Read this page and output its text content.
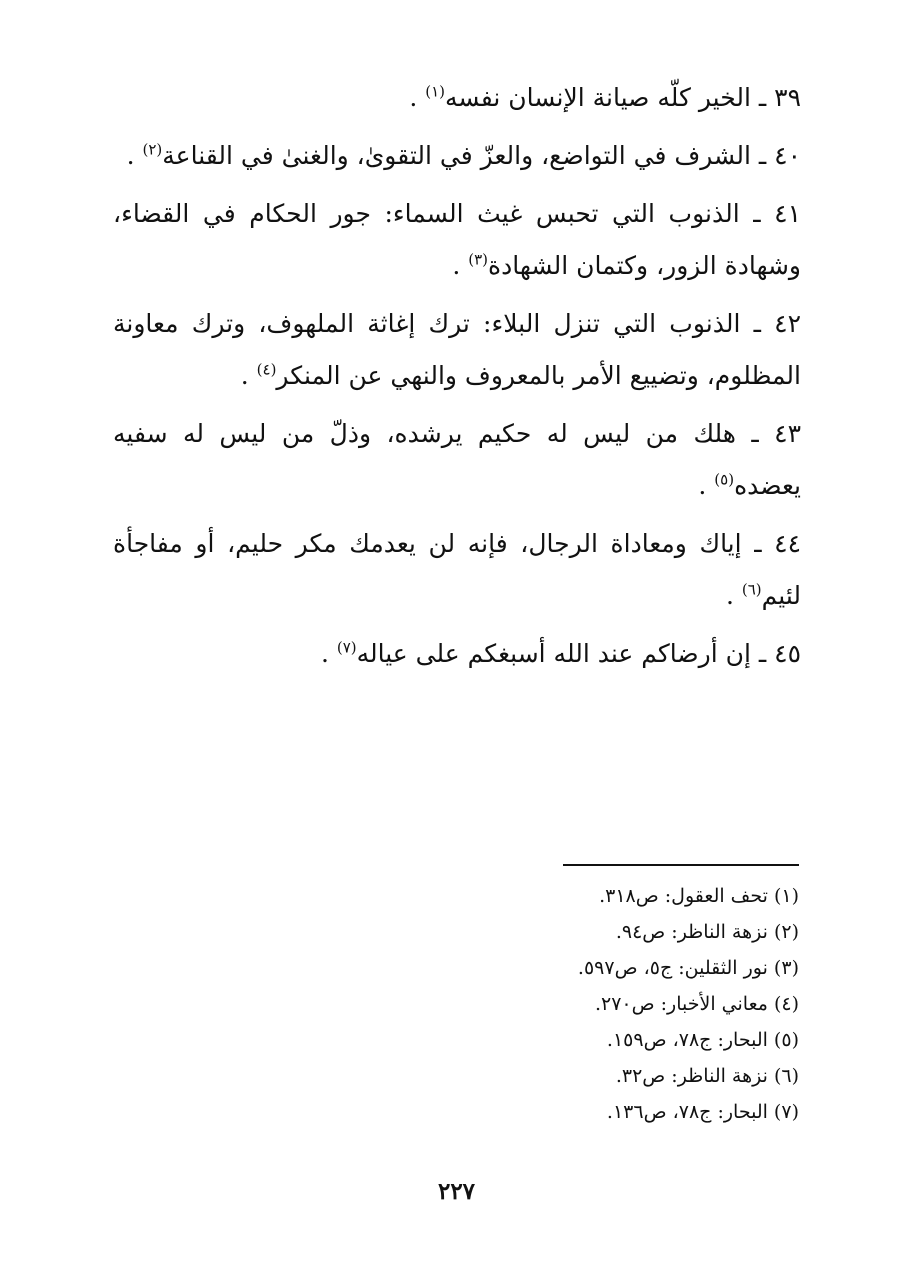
٣٩ ـ الخير كلّه صيانة الإنسان نفسه$^{(١)}$ .

٤٠ ـ الشرف في التواضع، والعزّ في التقوىٰ، والغنىٰ في القناعة$^{(٢)}$ .

٤١ ـ الذنوب التي تحبس غيث السماء: جور الحكام في القضاء، وشهادة الزور، وكتمان الشهادة$^{(٣)}$ .

٤٢ ـ الذنوب التي تنزل البلاء: ترك إغاثة الملهوف، وترك معاونة المظلوم، وتضييع الأمر بالمعروف والنهي عن المنكر$^{(٤)}$ .

٤٣ ـ هلك من ليس له حكيم يرشده، وذلّ من ليس له سفيه يعضده$^{(٥)}$ .

٤٤ ـ إياك ومعاداة الرجال، فإنه لن يعدمك مكر حليم، أو مفاجأة لئيم$^{(٦)}$ .

٤٥ ـ إن أرضاكم عند الله أسبغكم على عياله$^{(٧)}$ .

(١) تحف العقول: ص٣١٨.

(٢) نزهة الناظر: ص٩٤.

(٣) نور الثقلين: ج٥، ص٥٩٧.

(٤) معاني الأخبار: ص٢٧٠.

(٥) البحار: ج٧٨، ص١٥٩.

(٦) نزهة الناظر: ص٣٢.

(٧) البحار: ج٧٨، ص١٣٦.

٢٢٧
